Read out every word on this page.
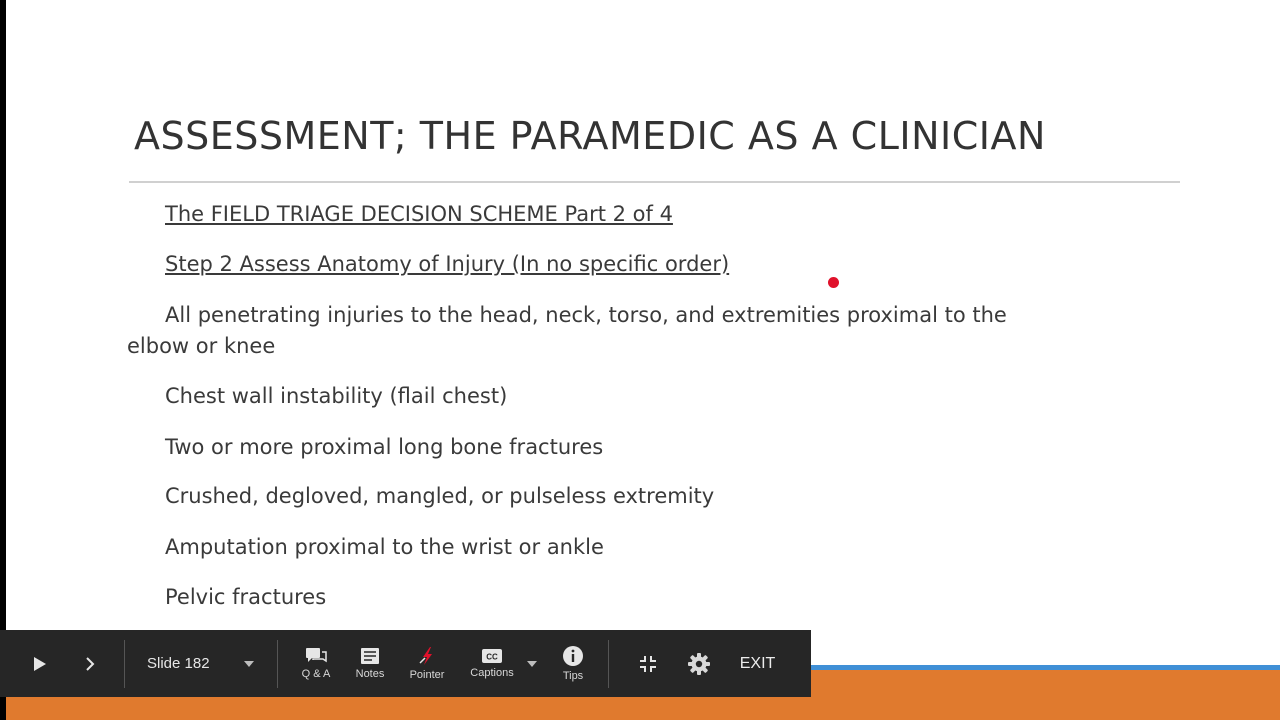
ASSESSMENT; THE PARAMEDIC AS A CLINICIAN
The FIELD TRIAGE DECISION SCHEME Part 2 of 4
Step 2 Assess Anatomy of Injury (In no specific order)
All penetrating injuries to the head, neck, torso, and extremities proximal to the
elbow or knee
Chest wall instability (flail chest)
Two or more proximal long bone fractures
Crushed, degloved, mangled, or pulseless extremity
Amputation proximal to the wrist or ankle
Pelvic fractures
Slide 182
Q & A Notes Pointer
CC
Captions	Tips
EXIT
